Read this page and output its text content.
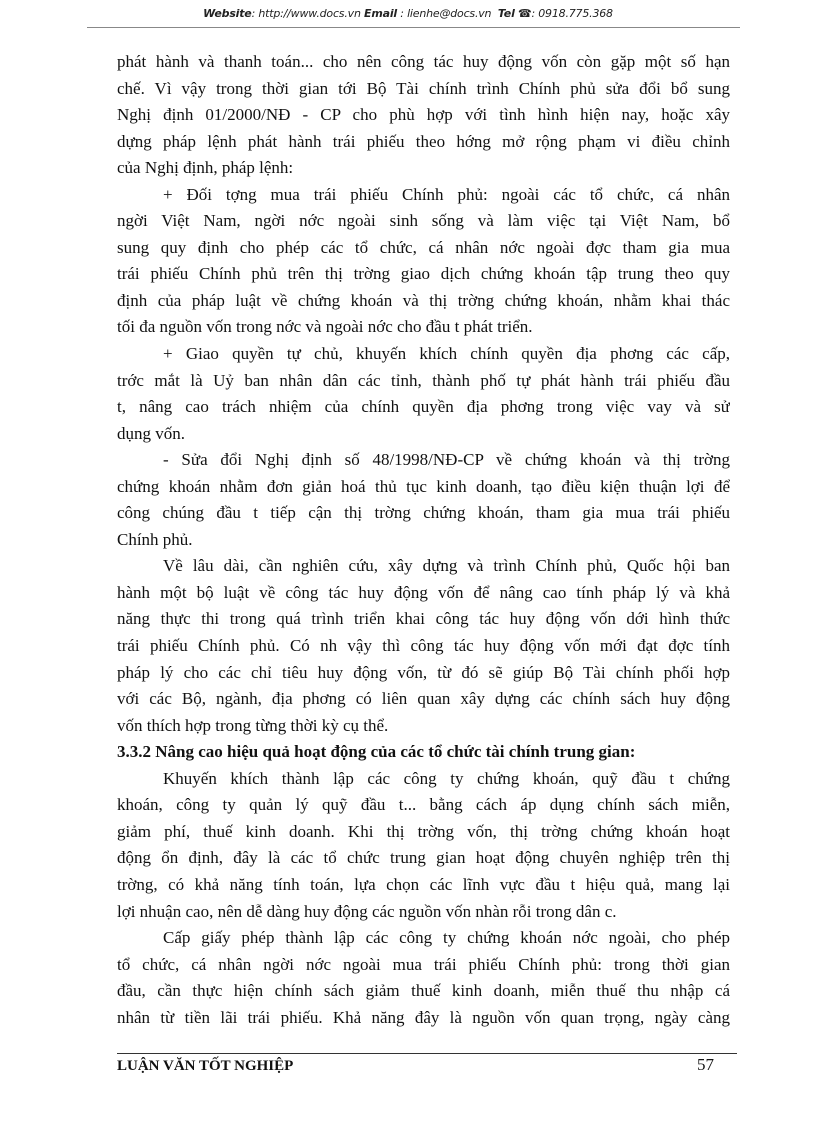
Website: http://www.docs.vn Email : lienhe@docs.vn Tel ☎: 0918.775.368
phát hành và thanh toán... cho nên công tác huy động vốn còn gặp một số hạn
chế. Vì vậy trong thời gian tới Bộ Tài chính trình Chính phủ sửa đổi bổ sung
Nghị định 01/2000/NĐ - CP cho phù hợp với tình hình hiện nay, hoặc xây
dựng pháp lệnh phát hành trái phiếu theo hớng mở rộng phạm vi điều chỉnh
của Nghị định, pháp lệnh:
+ Đối tợng mua trái phiếu Chính phủ: ngoài các tổ chức, cá nhân
ngời Việt Nam, ngời nớc ngoài sinh sống và làm việc tại Việt Nam, bổ
sung quy định cho phép các tổ chức, cá nhân nớc ngoài đợc tham gia mua
trái phiếu Chính phủ trên thị trờng giao dịch chứng khoán tập trung theo quy
định của pháp luật về chứng khoán và thị trờng chứng khoán, nhằm khai thác
tối đa nguồn vốn trong nớc và ngoài nớc cho đầu t phát triển.
+ Giao quyền tự chủ, khuyến khích chính quyền địa phơng các cấp,
trớc mắt là Uỷ ban nhân dân các tỉnh, thành phố tự phát hành trái phiếu đầu
t, nâng cao trách nhiệm của chính quyền địa phơng trong việc vay và sử
dụng vốn.
- Sửa đổi Nghị định số 48/1998/NĐ-CP về chứng khoán và thị trờng
chứng khoán nhằm đơn giản hoá thủ tục kinh doanh, tạo điều kiện thuận lợi để
công chúng đầu t tiếp cận thị trờng chứng khoán, tham gia mua trái phiếu
Chính phủ.
Về lâu dài, cần nghiên cứu, xây dựng và trình Chính phủ, Quốc hội ban
hành một bộ luật về công tác huy động vốn để nâng cao tính pháp lý và khả
năng thực thi trong quá trình triển khai công tác huy động vốn dới hình thức
trái phiếu Chính phủ. Có nh vậy thì công tác huy động vốn mới đạt đợc tính
pháp lý cho các chỉ tiêu huy động vốn, từ đó sẽ giúp Bộ Tài chính phối hợp
với các Bộ, ngành, địa phơng có liên quan xây dựng các chính sách huy động
vốn thích hợp trong từng thời kỳ cụ thể.
3.3.2 Nâng cao hiệu quả hoạt động của các tổ chức tài chính trung gian:
Khuyến khích thành lập các công ty chứng khoán, quỹ đầu t chứng
khoán, công ty quản lý quỹ đầu t... bằng cách áp dụng chính sách miễn,
giảm phí, thuế kinh doanh. Khi thị trờng vốn, thị trờng chứng khoán hoạt
động ổn định, đây là các tổ chức trung gian hoạt động chuyên nghiệp trên thị
trờng, có khả năng tính toán, lựa chọn các lĩnh vực đầu t hiệu quả, mang lại
lợi nhuận cao, nên dễ dàng huy động các nguồn vốn nhàn rỗi trong dân c.
Cấp giấy phép thành lập các công ty chứng khoán nớc ngoài, cho phép
tổ chức, cá nhân ngời nớc ngoài mua trái phiếu Chính phủ: trong thời gian
đầu, cần thực hiện chính sách giảm thuế kinh doanh, miễn thuế thu nhập cá
nhân từ tiền lãi trái phiếu. Khả năng đây là nguồn vốn quan trọng, ngày càng
LUẬN VĂN TỐT NGHIỆP	57
